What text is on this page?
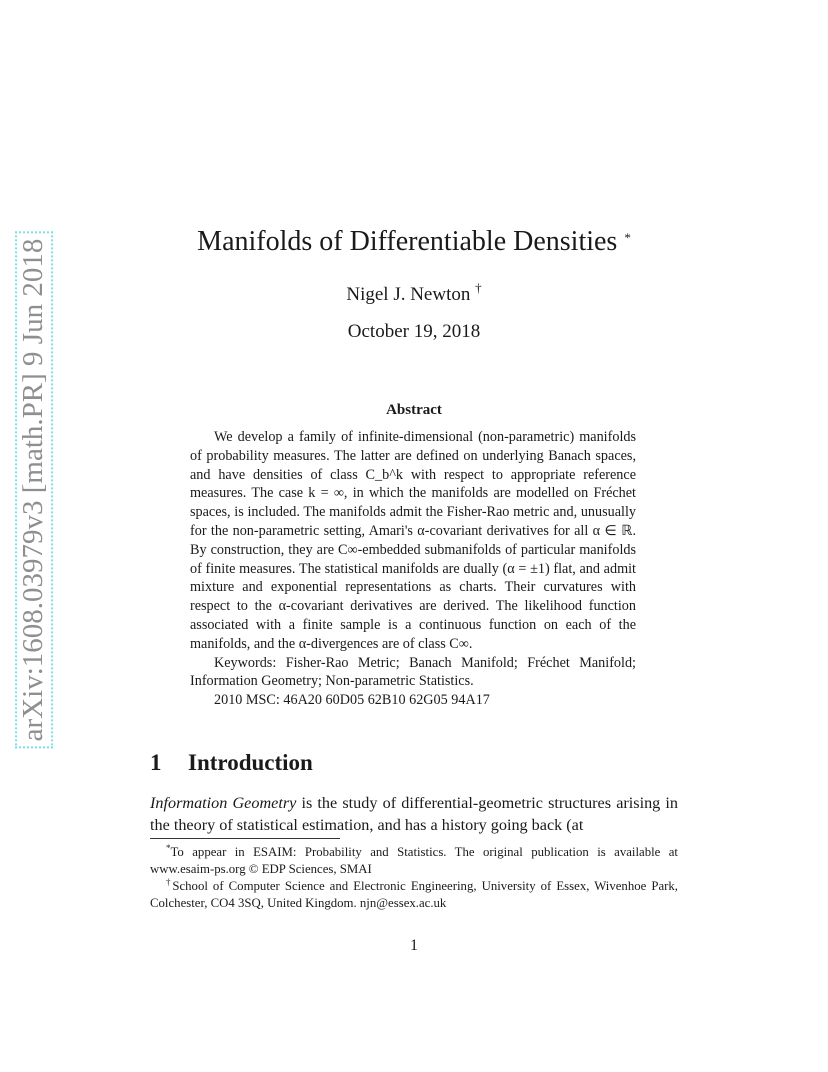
arXiv:1608.03979v3 [math.PR] 9 Jun 2018	Manifolds of Differentiable Densities *
Nigel J. Newton †
October 19, 2018
Abstract

We develop a family of infinite-dimensional (non-parametric) manifolds of probability measures. The latter are defined on underlying Banach spaces, and have densities of class C_b^k with respect to appropriate reference measures. The case k = ∞, in which the manifolds are modelled on Fréchet spaces, is included. The manifolds admit the Fisher-Rao metric and, unusually for the non-parametric setting, Amari's α-covariant derivatives for all α ∈ ℝ. By construction, they are C∞-embedded submanifolds of particular manifolds of finite measures. The statistical manifolds are dually (α = ±1) flat, and admit mixture and exponential representations as charts. Their curvatures with respect to the α-covariant derivatives are derived. The likelihood function associated with a finite sample is a continuous function on each of the manifolds, and the α-divergences are of class C∞.

Keywords: Fisher-Rao Metric; Banach Manifold; Fréchet Manifold; Information Geometry; Non-parametric Statistics.

2010 MSC: 46A20 60D05 62B10 62G05 94A17

1 Introduction

Information Geometry is the study of differential-geometric structures arising in the theory of statistical estimation, and has a history going back (at

*To appear in ESAIM: Probability and Statistics. The original publication is available at www.esaim-ps.org © EDP Sciences, SMAI

†School of Computer Science and Electronic Engineering, University of Essex, Wivenhoe Park, Colchester, CO4 3SQ, United Kingdom. njn@essex.ac.uk

1
